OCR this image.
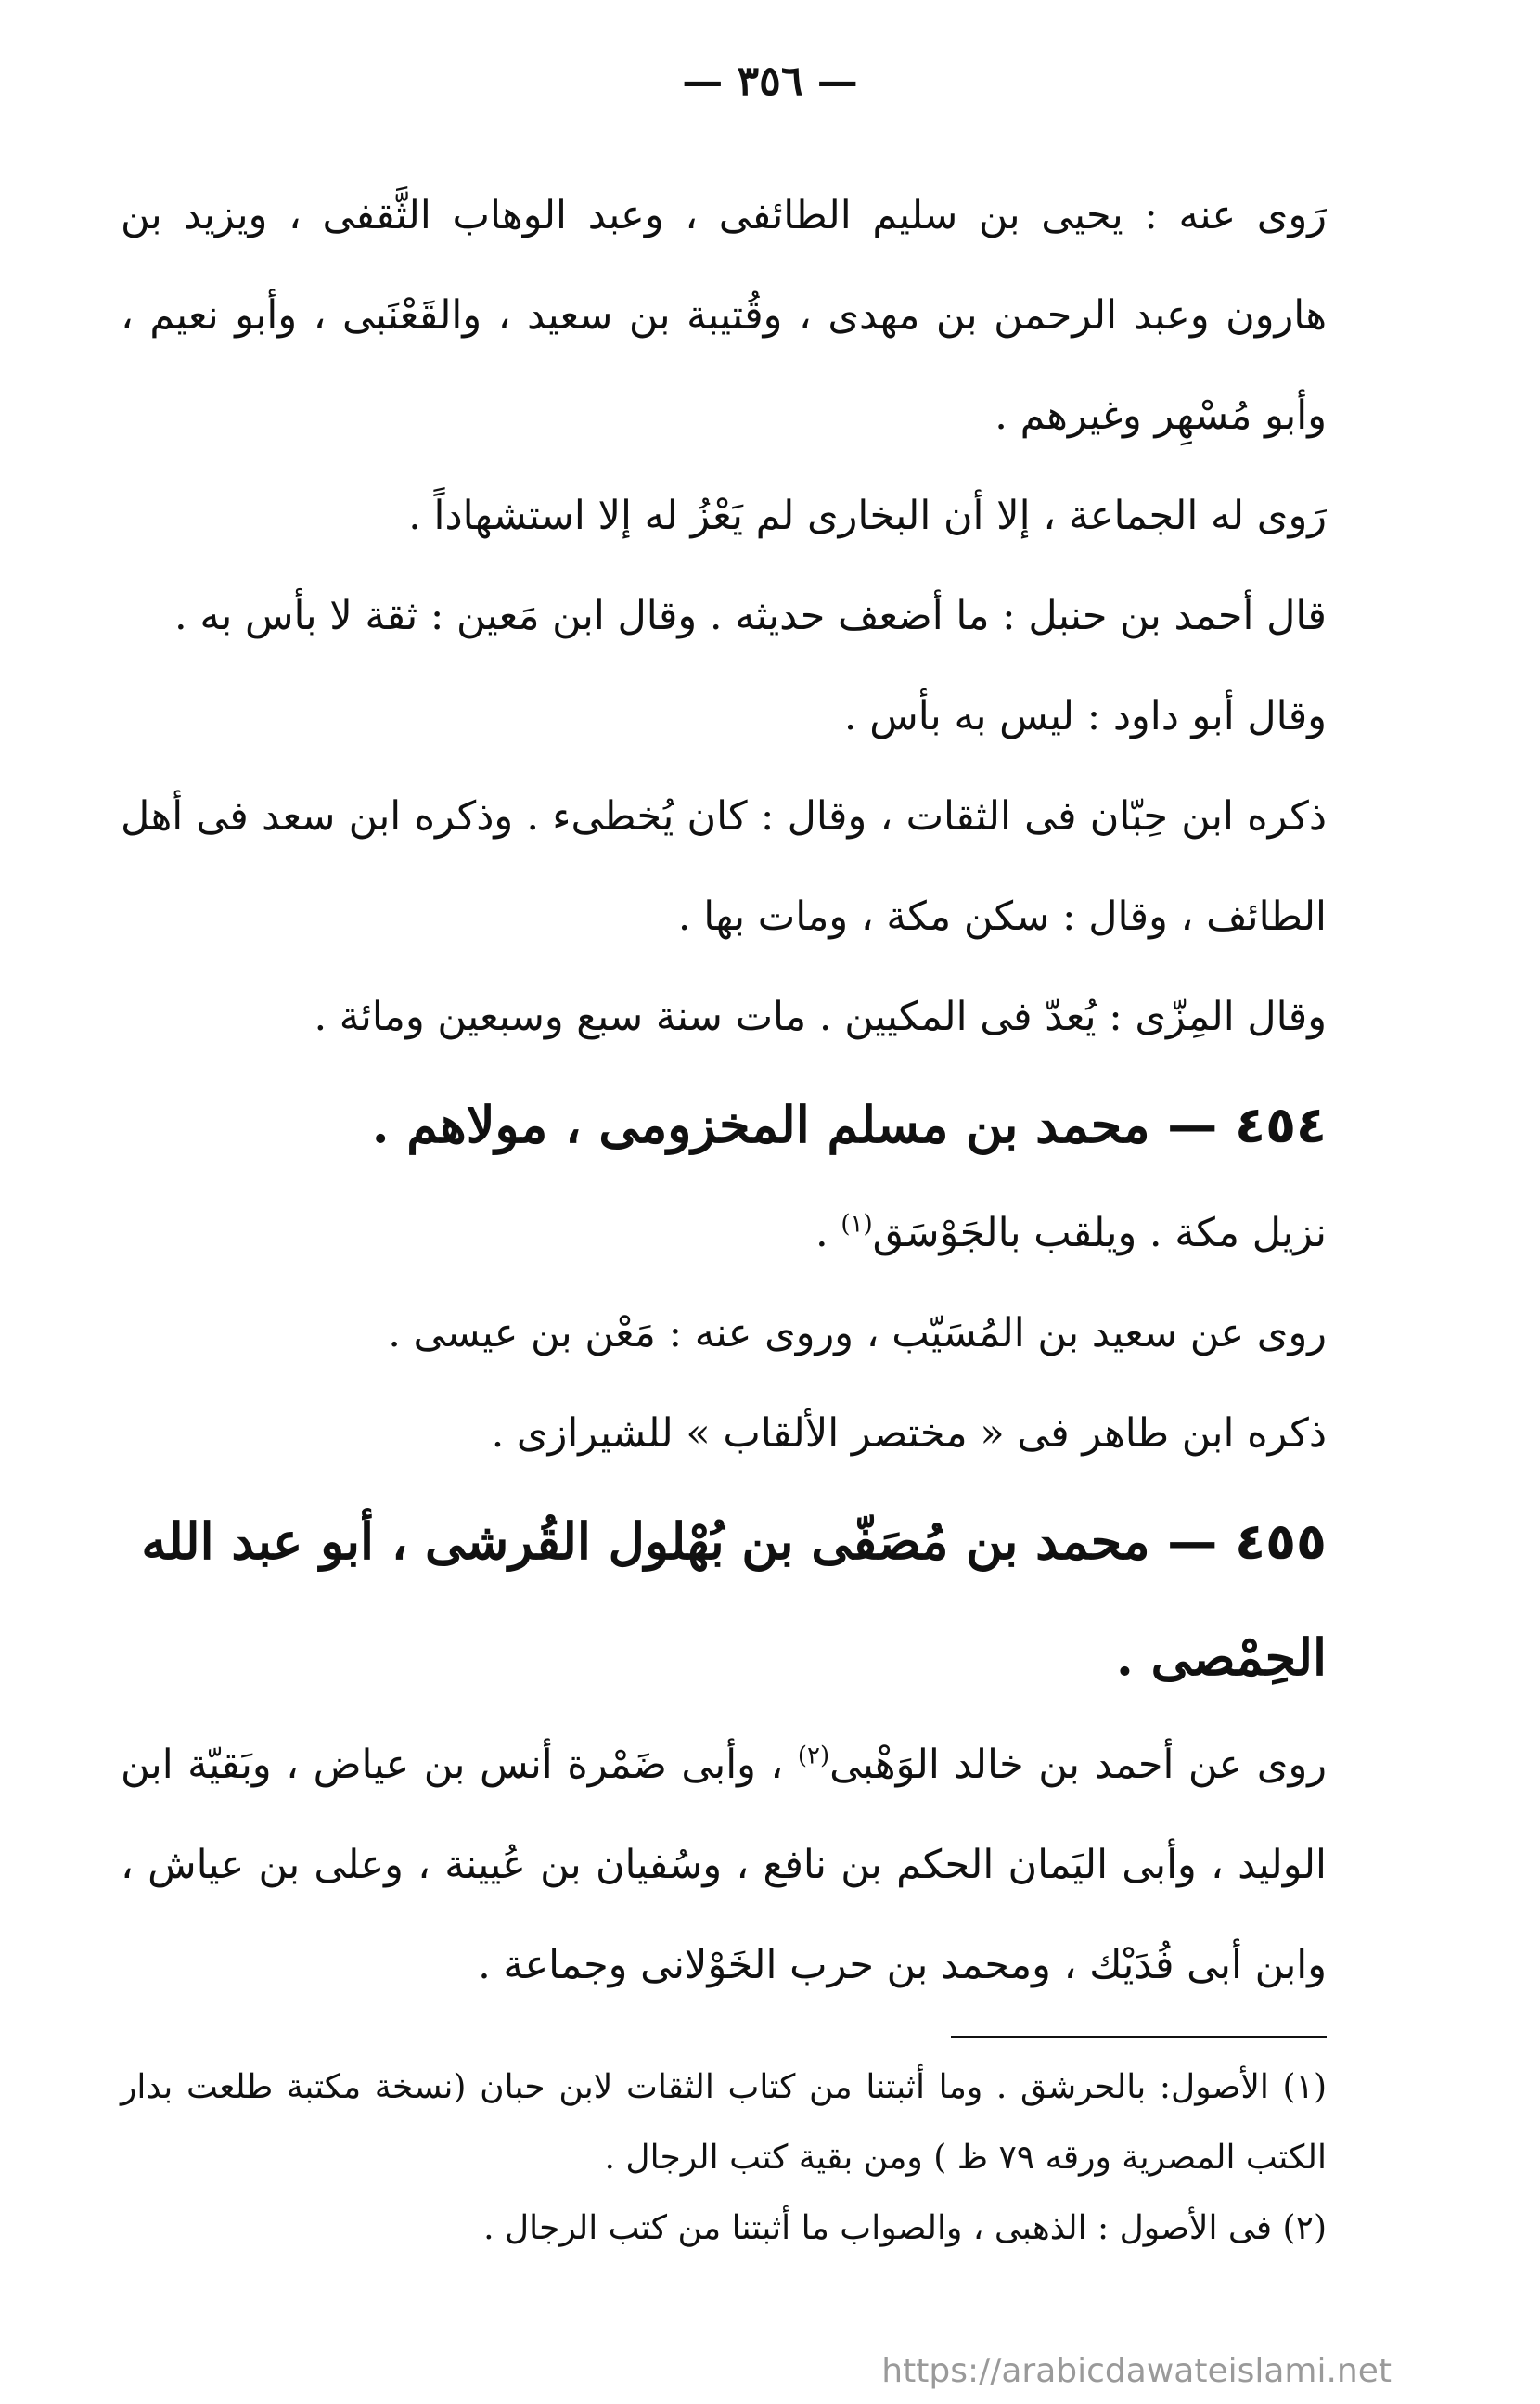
— ٣٥٦ —

رَوى عنه : يحيى بن سليم الطائفى ، وعبد الوهاب الثَّقفى ، ويزيد بن هارون وعبد الرحمن بن مهدى ، وقُتيبة بن سعيد ، والقَعْنَبى ، وأبو نعيم ، وأبو مُسْهِر وغيرهم .

رَوى له الجماعة ، إلا أن البخارى لم يَعْزُ له إلا استشهاداً .

قال أحمد بن حنبل : ما أضعف حديثه . وقال ابن مَعين : ثقة لا بأس به .

وقال أبو داود : ليس به بأس .

ذكره ابن حِبّان فى الثقات ، وقال : كان يُخطىء . وذكره ابن سعد فى أهل الطائف ، وقال : سكن مكة ، ومات بها .

وقال المِزّى : يُعدّ فى المكيين . مات سنة سبع وسبعين ومائة .

٤٥٤ — محمد بن مسلم المخزومى ، مولاهم .

نزيل مكة . ويلقب بالجَوْسَق$^{(١)}$ .

روى عن سعيد بن المُسَيّب ، وروى عنه : مَعْن بن عيسى .

ذكره ابن طاهر فى « مختصر الألقاب » للشيرازى .

٤٥٥ — محمد بن مُصَفّى بن بُهْلول القُرشى ، أبو عبد الله الحِمْصى .

روى عن أحمد بن خالد الوَهْبى$^{(٢)}$ ، وأبى ضَمْرة أنس بن عياض ، وبَقيّة ابن الوليد ، وأبى اليَمان الحكم بن نافع ، وسُفيان بن عُيينة ، وعلى بن عياش ، وابن أبى فُدَيْك ، ومحمد بن حرب الخَوْلانى وجماعة .

(١) الأصول: بالحرشق . وما أثبتنا من كتاب الثقات لابن حبان (نسخة مكتبة طلعت بدار الكتب المصرية ورقه ٧٩ ظ ) ومن بقية كتب الرجال .

(٢) فى الأصول : الذهبى ، والصواب ما أثبتنا من كتب الرجال .

https://arabicdawateislami.net
